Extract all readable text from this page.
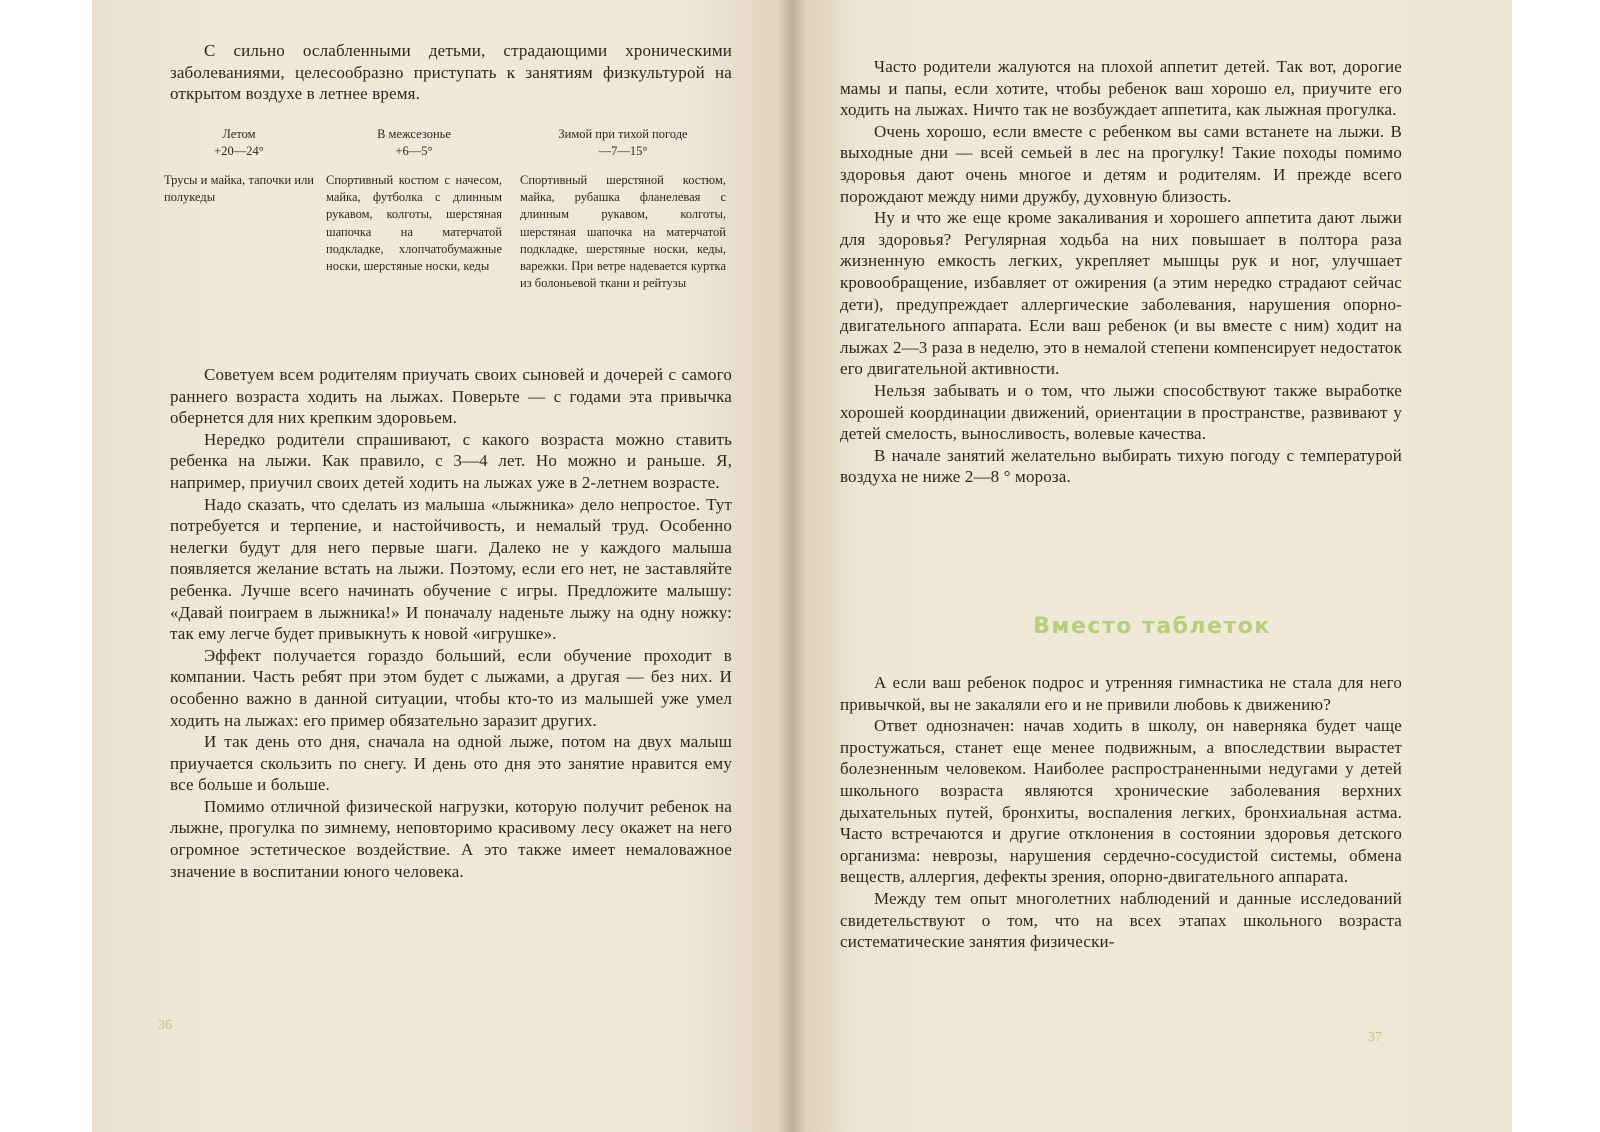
С сильно ослабленными детьми, страдающими хроническими заболеваниями, целесообразно приступать к занятиям физкультурой на открытом воздухе в летнее время.

Летом
+20—24°
В межсезонье
+6—5°
Зимой при тихой погоде
—7—15°
Трусы и майка, тапочки или полукеды
Спортивный костюм с начесом, майка, футболка с длинным рукавом, колготы, шерстяная шапочка на матерчатой подкладке, хлопчатобумажные носки, шерстяные носки, кеды
Спортивный шерстяной костюм, майка, рубашка фланелевая с длинным рукавом, колготы, шерстяная шапочка на матерчатой подкладке, шерстяные носки, кеды, варежки. При ветре надевается куртка из болоньевой ткани и рейтузы

Советуем всем родителям приучать своих сыновей и дочерей с самого раннего возраста ходить на лыжах. Поверьте — с годами эта привычка обернется для них крепким здоровьем.

Нередко родители спрашивают, с какого возраста можно ставить ребенка на лыжи. Как правило, с 3—4 лет. Но можно и раньше. Я, например, приучил своих детей ходить на лыжах уже в 2-летнем возрасте.

Надо сказать, что сделать из малыша «лыжника» дело непростое. Тут потребуется и терпение, и настойчивость, и немалый труд. Особенно нелегки будут для него первые шаги. Далеко не у каждого малыша появляется желание встать на лыжи. Поэтому, если его нет, не заставляйте ребенка. Лучше всего начинать обучение с игры. Предложите малышу: «Давай поиграем в лыжника!» И поначалу наденьте лыжу на одну ножку: так ему легче будет привыкнуть к новой «игрушке».

Эффект получается гораздо больший, если обучение проходит в компании. Часть ребят при этом будет с лыжами, а другая — без них. И особенно важно в данной ситуации, чтобы кто-то из малышей уже умел ходить на лыжах: его пример обязательно заразит других.

И так день ото дня, сначала на одной лыже, потом на двух малыш приучается скользить по снегу. И день ото дня это занятие нравится ему все больше и больше.

Помимо отличной физической нагрузки, которую получит ребенок на лыжне, прогулка по зимнему, неповторимо красивому лесу окажет на него огромное эстетическое воздействие. А это также имеет немаловажное значение в воспитании юного человека.

36

Часто родители жалуются на плохой аппетит детей. Так вот, дорогие мамы и папы, если хотите, чтобы ребенок ваш хорошо ел, приучите его ходить на лыжах. Ничто так не возбуждает аппетита, как лыжная прогулка.

Очень хорошо, если вместе с ребенком вы сами встанете на лыжи. В выходные дни — всей семьей в лес на прогулку! Такие походы помимо здоровья дают очень многое и детям и родителям. И прежде всего порождают между ними дружбу, духовную близость.

Ну и что же еще кроме закаливания и хорошего аппетита дают лыжи для здоровья? Регулярная ходьба на них повышает в полтора раза жизненную емкость легких, укрепляет мышцы рук и ног, улучшает кровообращение, избавляет от ожирения (а этим нередко страдают сейчас дети), предупреждает аллергические заболевания, нарушения опорно-двигательного аппарата. Если ваш ребенок (и вы вместе с ним) ходит на лыжах 2—3 раза в неделю, это в немалой степени компенсирует недостаток его двигательной активности.

Нельзя забывать и о том, что лыжи способствуют также выработке хорошей координации движений, ориентации в пространстве, развивают у детей смелость, выносливость, волевые качества.

В начале занятий желательно выбирать тихую погоду с температурой воздуха не ниже 2—8 ° мороза.

Вместо таблеток

А если ваш ребенок подрос и утренняя гимнастика не стала для него привычкой, вы не закаляли его и не привили любовь к движению?

Ответ однозначен: начав ходить в школу, он наверняка будет чаще простужаться, станет еще менее подвижным, а впоследствии вырастет болезненным человеком. Наиболее распространенными недугами у детей школьного возраста являются хронические заболевания верхних дыхательных путей, бронхиты, воспаления легких, бронхиальная астма. Часто встречаются и другие отклонения в состоянии здоровья детского организма: неврозы, нарушения сердечно-сосудистой системы, обмена веществ, аллергия, дефекты зрения, опорно-двигательного аппарата.

Между тем опыт многолетних наблюдений и данные исследований свидетельствуют о том, что на всех этапах школьного возраста систематические занятия физически-

37
